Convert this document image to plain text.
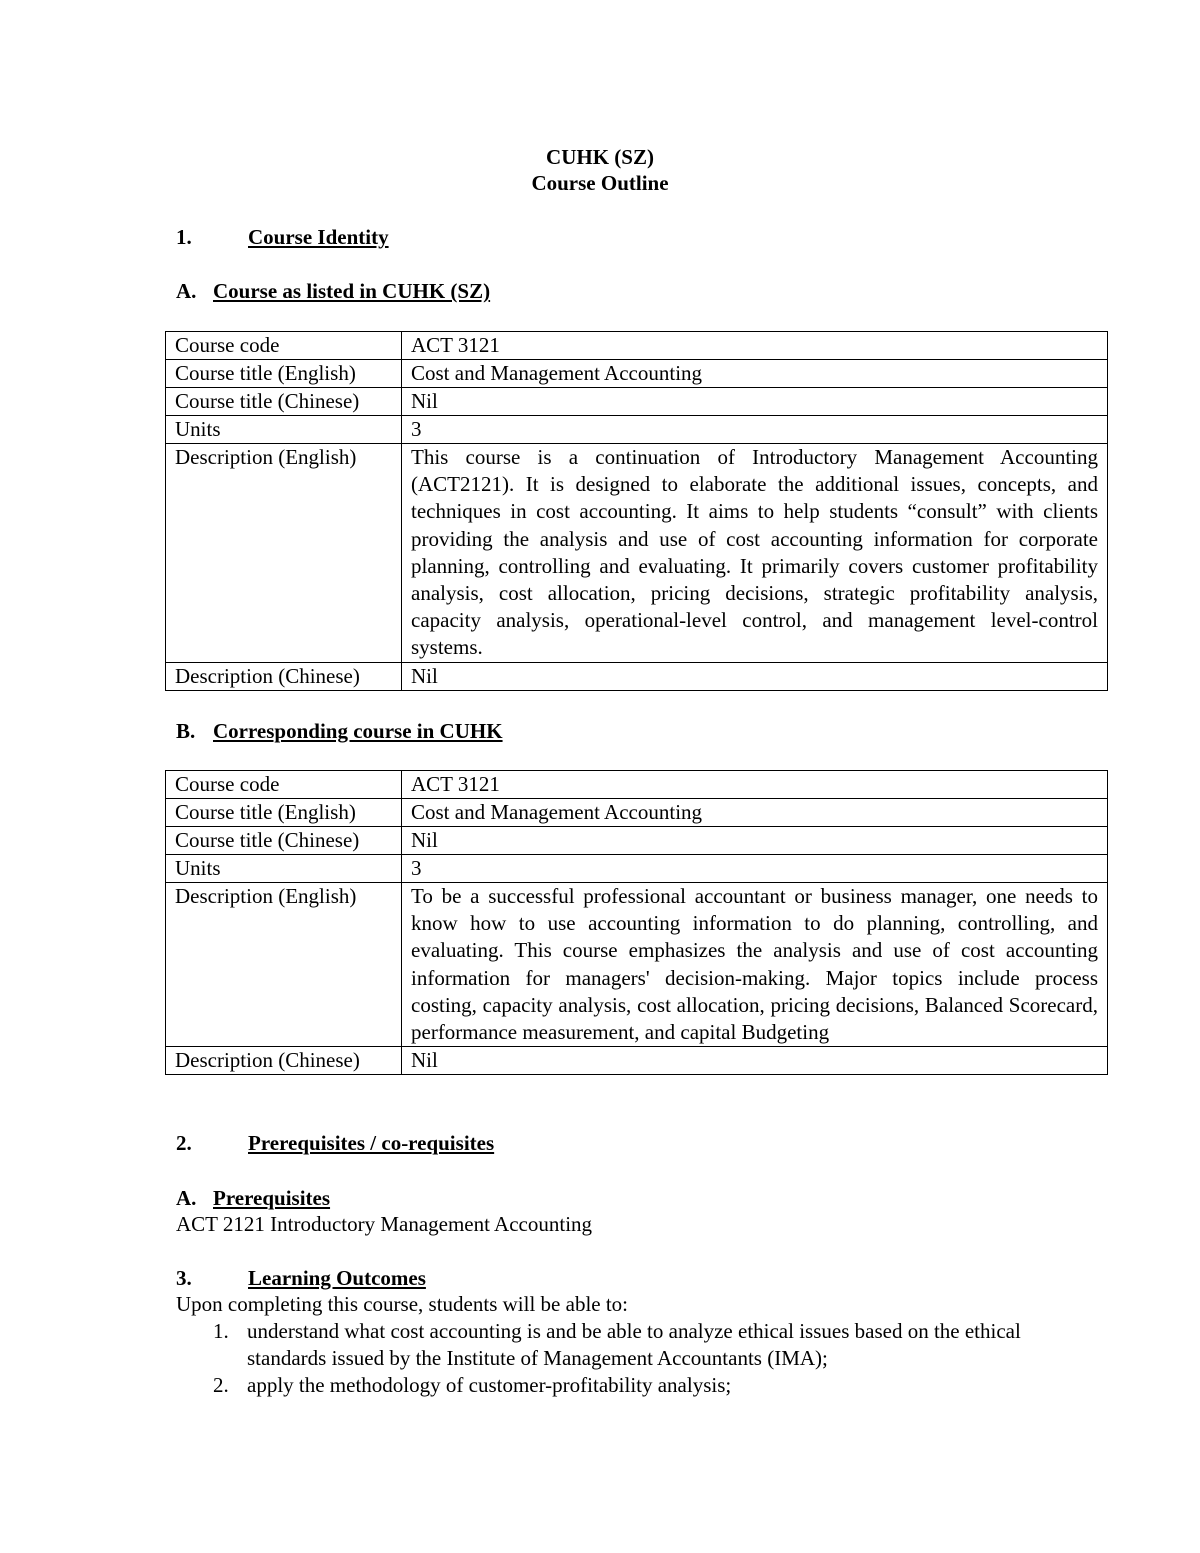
CUHK (SZ)
Course Outline
1.	Course Identity
A. Course as listed in CUHK (SZ)
Course code	ACT 3121
Course title (English)	Cost and Management Accounting
Course title (Chinese)	Nil
Units	3
Description (English)	This course is a continuation of Introductory Management Accounting (ACT2121). It is designed to elaborate the additional issues, concepts, and techniques in cost accounting. It aims to help students “consult” with clients providing the analysis and use of cost accounting information for corporate planning, controlling and evaluating. It primarily covers customer profitability analysis, cost allocation, pricing decisions, strategic profitability analysis, capacity analysis, operational-level control, and management level-control systems.
Description (Chinese)	Nil
B. Corresponding course in CUHK
Course code	ACT 3121
Course title (English)	Cost and Management Accounting
Course title (Chinese)	Nil
Units	3
Description (English)	To be a successful professional accountant or business manager, one needs to know how to use accounting information to do planning, controlling, and evaluating. This course emphasizes the analysis and use of cost accounting information for managers' decision-making. Major topics include process costing, capacity analysis, cost allocation, pricing decisions, Balanced Scorecard, performance measurement, and capital Budgeting
Description (Chinese)	Nil
2.	Prerequisites / co-requisites
A. Prerequisites
ACT 2121 Introductory Management Accounting
3.	Learning Outcomes
Upon completing this course, students will be able to:
1. understand what cost accounting is and be able to analyze ethical issues based on the ethical standards issued by the Institute of Management Accountants (IMA);
2. apply the methodology of customer-profitability analysis;
